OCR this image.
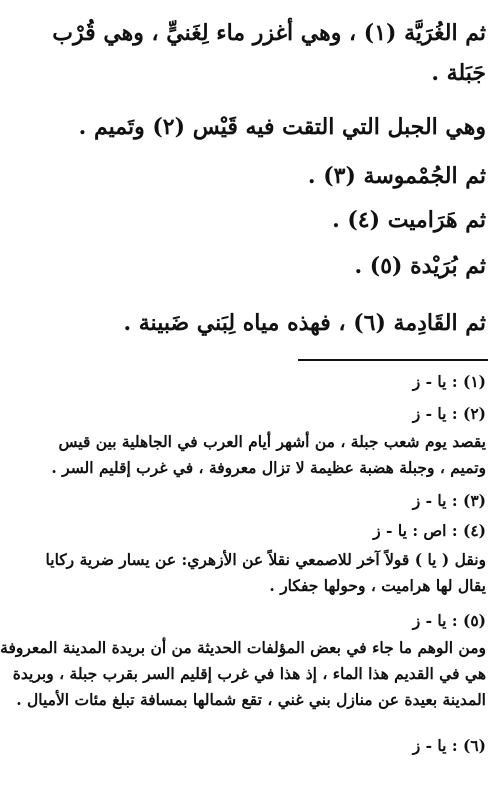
ثم الغُرَيَّة (١) ، وهي أغزر ماء لِغَنيٍّ ، وهي قُرْب
جَبَلة .
وهي الجبل التي التقت فيه قَيْس (٢) وتَميم .
ثم الجُمْموسة (٣) .
ثم هَرَاميت (٤) .
ثم بُرَيْدة (٥) .
ثم القَادِمة (٦) ، فهذه مياه لِبَني ضَبينة .
(١) : يا - ز
(٢) : يا - ز
يقصد يوم شعب جبلة ، من أشهر أيام العرب في الجاهلية بين قيس
وتميم ، وجبلة هضبة عظيمة لا تزال معروفة ، في غرب إقليم السر .
(٣) : يا - ز
(٤) : اص : يا - ز
ونقل ( يا ) قولاً آخر للاصمعي نقلاً عن الأزهري: عن يسار ضرية ركايا
يقال لها هراميت ، وحولها جفكار .
(٥) : يا - ز
ومن الوهم ما جاء في بعض المؤلفات الحديثة من أن بريدة المدينة المعروفة
هي في القديم هذا الماء ، إذ هذا في غرب إقليم السر بقرب جبلة ، وبريدة
المدينة بعيدة عن منازل بني غني ، تقع شمالها بمسافة تبلغ مئات الأميال .
(٦) : يا - ز
